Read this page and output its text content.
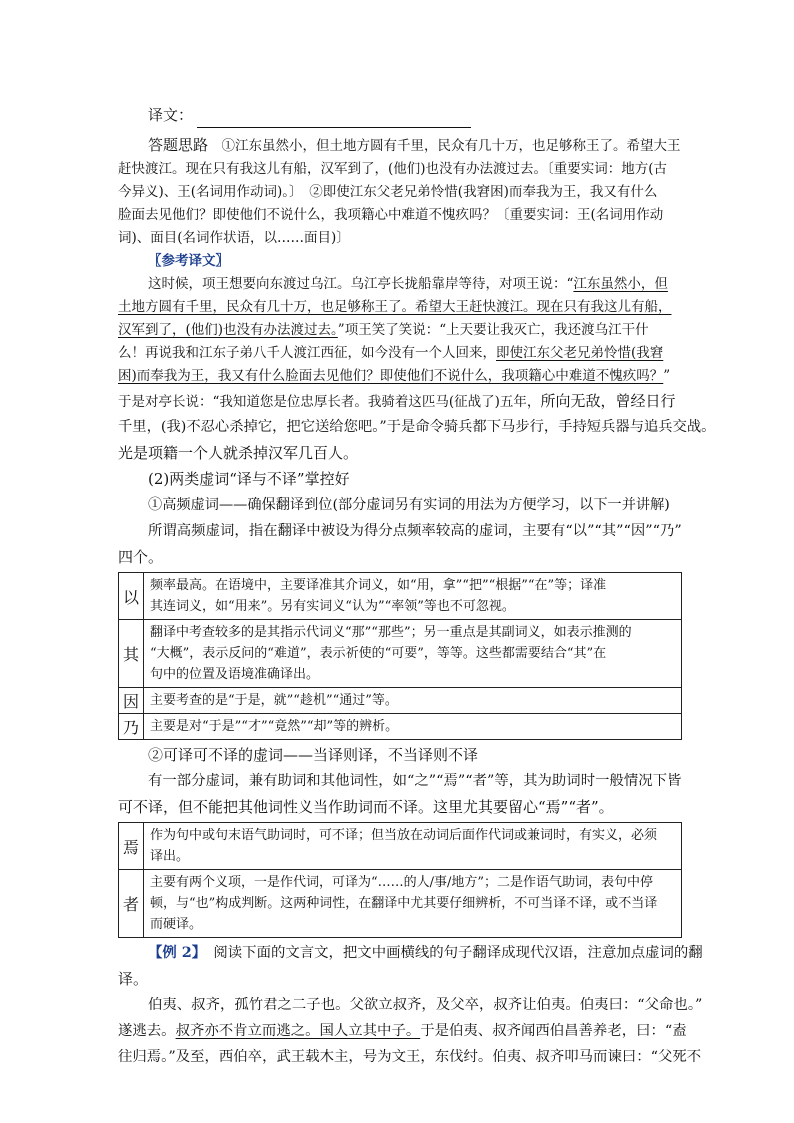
译文：
答题思路　 ①江东虽然小，但土地方圆有千里，民众有几十万，也足够称王了。希望大王
赶快渡江。现在只有我这儿有船，汉军到了，(他们)也没有办法渡过去。〔重要实词：地方(古
今异义)、王(名词用作动词)。〕　②即使江东父老兄弟怜惜(我窘困)而奉我为王，我又有什么
脸面去见他们？即使他们不说什么，我项籍心中难道不愧疚吗？〔重要实词：王(名词用作动
词)、面目(名词作状语，以……面目)〕
〖参考译文〗
这时候，项王想要向东渡过乌江。乌江亭长拢船靠岸等待，对项王说：“江东虽然小，但
土地方圆有千里，民众有几十万，也足够称王了。希望大王赶快渡江。现在只有我这儿有船，
汉军到了，(他们)也没有办法渡过去。”项王笑了笑说：“上天要让我灭亡，我还渡乌江干什
么！再说我和江东子弟八千人渡江西征，如今没有一个人回来，即使江东父老兄弟怜惜(我窘
困)而奉我为王，我又有什么脸面去见他们？即使他们不说什么，我项籍心中难道不愧疚吗？”
于是对亭长说：“我知道您是位忠厚长者。我骑着这匹马(征战了)五年，所向无敌，曾经日行
千里，(我)不忍心杀掉它，把它送给您吧。”于是命令骑兵都下马步行，手持短兵器与追兵交战。
光是项籍一个人就杀掉汉军几百人。
(2)两类虚词“译与不译”掌控好
①高频虚词——确保翻译到位(部分虚词另有实词的用法为方便学习，以下一并讲解)
所谓高频虚词，指在翻译中被设为得分点频率较高的虚词，主要有“以”“其”“因”“乃”
四个。
以	频率最高。在语境中，主要译准其介词义，如“用，拿”“把”“根据”“在”等；译准
其连词义，如“用来”。另有实词义“认为”“率领”等也不可忽视。

其	翻译中考查较多的是其指示代词义“那”“那些”；另一重点是其副词义，如表示推测的
“大概”，表示反问的“难道”，表示祈使的“可要”，等等。这些都需要结合“其”在
句中的位置及语境准确译出。

因	主要考查的是“于是，就”“趁机”“通过”等。

乃	主要是对“于是”“才”“竟然”“却”等的辨析。
②可译可不译的虚词——当译则译，不当译则不译
有一部分虚词，兼有助词和其他词性，如“之”“焉”“者”等，其为助词时一般情况下皆
可不译，但不能把其他词性义当作助词而不译。这里尤其要留心“焉”“者”。
焉	作为句中或句末语气助词时，可不译；但当放在动词后面作代词或兼词时，有实义，必须
译出。

者	主要有两个义项，一是作代词，可译为“……的人/事/地方”；二是作语气助词，表句中停
顿，与“也”构成判断。这两种词性，在翻译中尤其要仔细辨析，不可当译不译，或不当译
而硬译。
【例 2】　阅读下面的文言文，把文中画横线的句子翻译成现代汉语，注意加点虚词的翻
译。
伯夷、叔齐，孤竹君之二子也。父欲立叔齐，及父卒，叔齐让伯夷。伯夷曰：“父命也。”
遂逃去。叔齐亦不肯立而逃之。国人立其中子。于是伯夷、叔齐闻西伯昌善养老，曰：“盍
往归焉。”及至，西伯卒，武王载木主，号为文王，东伐纣。伯夷、叔齐叩马而谏曰：“父死不
